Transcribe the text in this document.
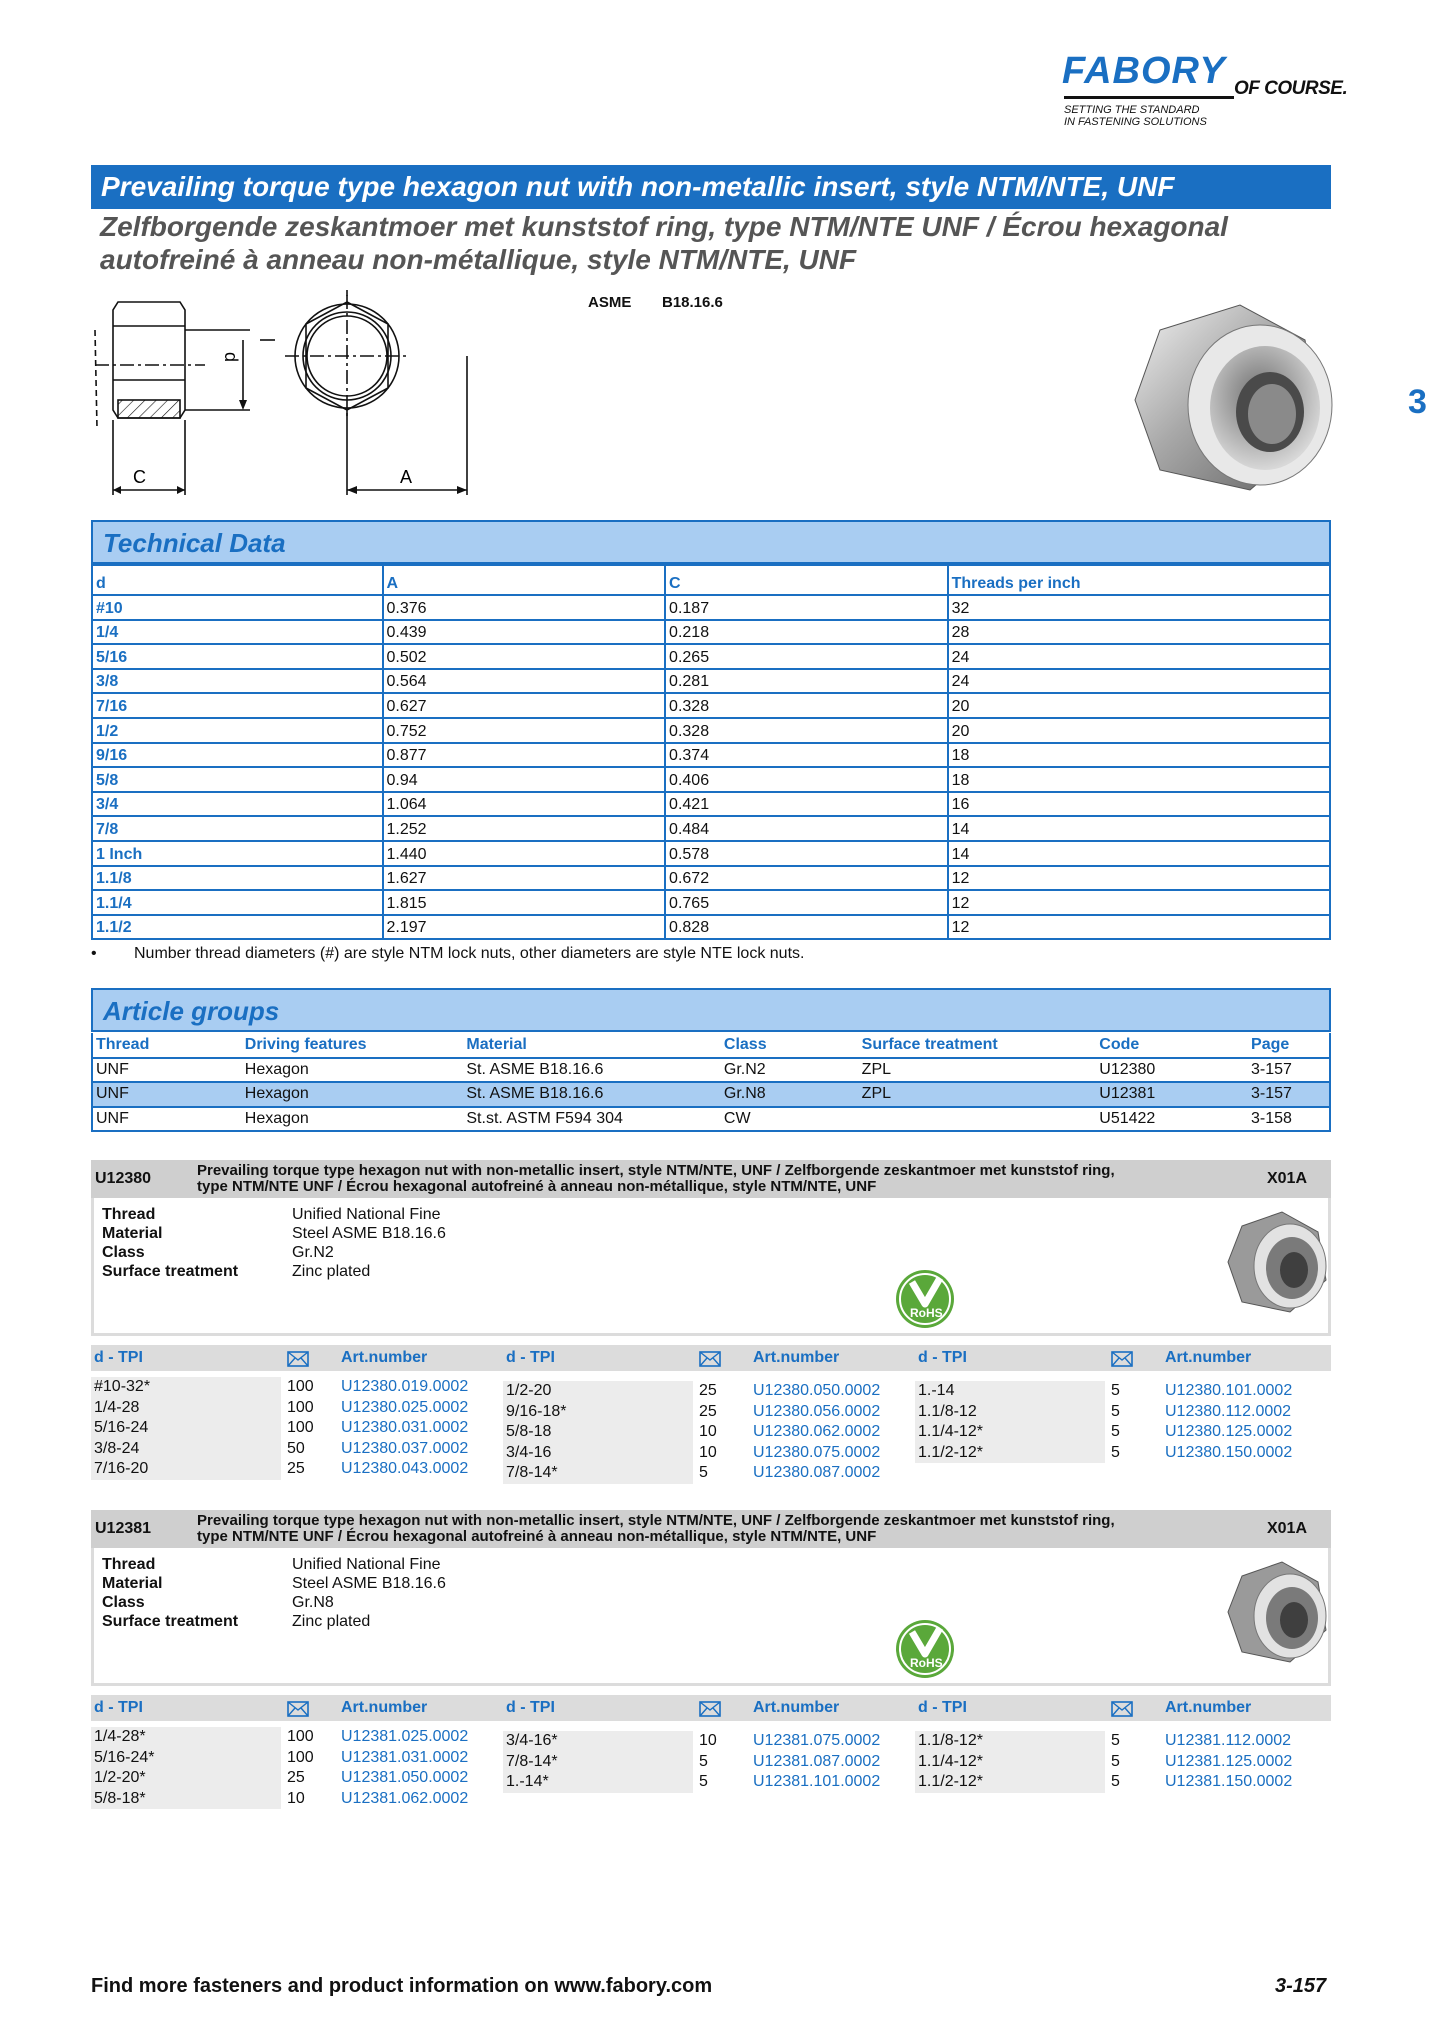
FABORY OF COURSE.
SETTING THE STANDARD
IN FASTENING SOLUTIONS
Prevailing torque type hexagon nut with non-metallic insert, style NTM/NTE, UNF
Zelfborgende zeskantmoer met kunststof ring, type NTM/NTE UNF / Écrou hexagonal autofreiné à anneau non-métallique, style NTM/NTE, UNF
ASME B18.16.6
d
C	A
3
Technical Data
d	A	C	Threads per inch
#10	0.376	0.187	32
1/4	0.439	0.218	28
5/16	0.502	0.265	24
3/8	0.564	0.281	24
7/16	0.627	0.328	20
1/2	0.752	0.328	20
9/16	0.877	0.374	18
5/8	0.94	0.406	18
3/4	1.064	0.421	16
7/8	1.252	0.484	14
1 Inch	1.440	0.578	14
1.1/8	1.627	0.672	12
1.1/4	1.815	0.765	12
1.1/2	2.197	0.828	12
• Number thread diameters (#) are style NTM lock nuts, other diameters are style NTE lock nuts.
Article groups
Thread	Driving features	Material	Class	Surface treatment	Code	Page
UNF	Hexagon	St. ASME B18.16.6	Gr.N2	ZPL	U12380	3-157
UNF	Hexagon	St. ASME B18.16.6	Gr.N8	ZPL	U12381	3-157
UNF	Hexagon	St.st. ASTM F594 304	CW		U51422	3-158
U12380	Prevailing torque type hexagon nut with non-metallic insert, style NTM/NTE, UNF / Zelfborgende zeskantmoer met kunststof ring,
type NTM/NTE UNF / Écrou hexagonal autofreiné à anneau non-métallique, style NTM/NTE, UNF	X01A
Thread	Unified National Fine
Material	Steel ASME B18.16.6
Class	Gr.N2
Surface treatment	Zinc plated
RoHS
d - TPI	Art.number	d - TPI	Art.number	d - TPI	Art.number
#10-32*	100 U12380.019.0002
1/4-28	100 U12380.025.0002
5/16-24	100 U12380.031.0002
3/8-24	50 U12380.037.0002
7/16-20	25 U12380.043.0002
1/2-20	25 U12380.050.0002
9/16-18*	25 U12380.056.0002
5/8-18	10 U12380.062.0002
3/4-16	10 U12380.075.0002
7/8-14*	5	U12380.087.0002
1.-14	5	U12380.101.0002
1.1/8-12	5	U12380.112.0002
1.1/4-12*	5	U12380.125.0002
1.1/2-12*	5	U12380.150.0002
U12381	Prevailing torque type hexagon nut with non-metallic insert, style NTM/NTE, UNF / Zelfborgende zeskantmoer met kunststof ring,
type NTM/NTE UNF / Écrou hexagonal autofreiné à anneau non-métallique, style NTM/NTE, UNF	X01A
Thread	Unified National Fine
Material	Steel ASME B18.16.6
Class	Gr.N8
Surface treatment	Zinc plated
RoHS
d - TPI	Art.number	d - TPI	Art.number	d - TPI	Art.number
1/4-28*	100 U12381.025.0002
5/16-24*	100 U12381.031.0002
1/2-20*	25 U12381.050.0002
5/8-18*	10 U12381.062.0002
3/4-16*	10 U12381.075.0002
7/8-14*	5	U12381.087.0002
1.-14*	5	U12381.101.0002
1.1/8-12*	5	U12381.112.0002
1.1/4-12*	5	U12381.125.0002
1.1/2-12*	5	U12381.150.0002
Find more fasteners and product information on www.fabory.com	3-157
